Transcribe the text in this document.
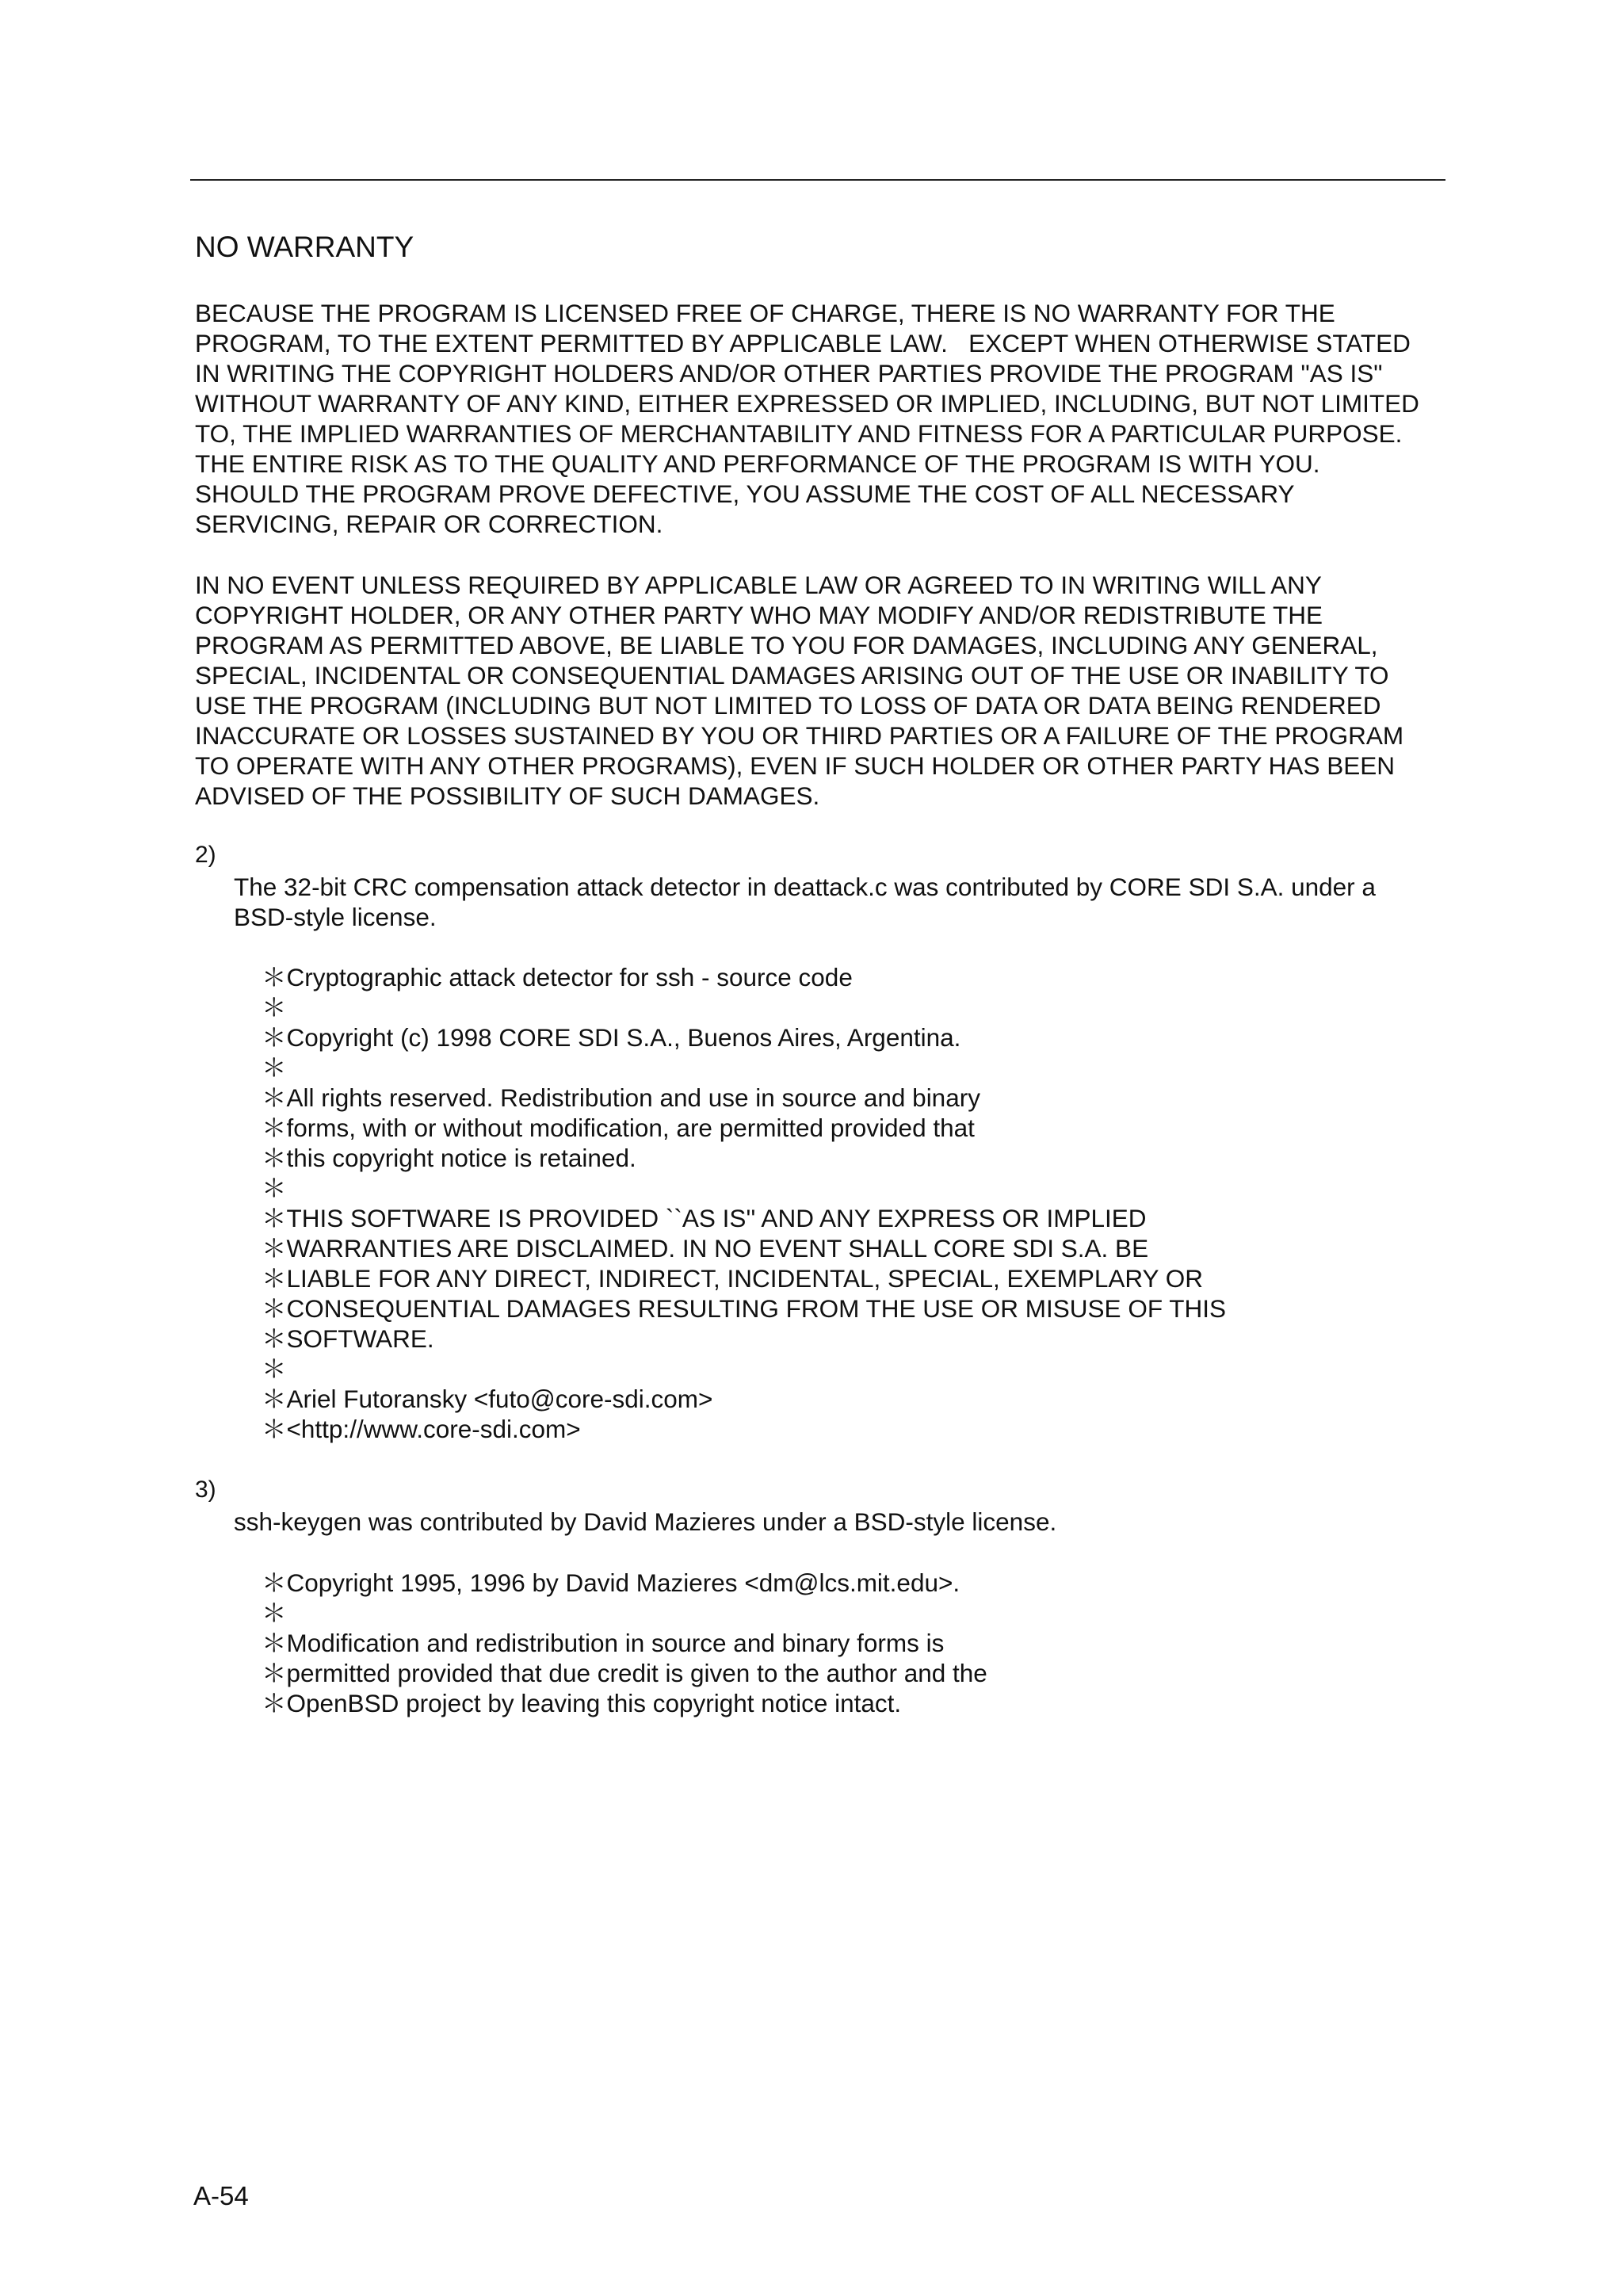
NO WARRANTY
BECAUSE THE PROGRAM IS LICENSED FREE OF CHARGE, THERE IS NO WARRANTY FOR THE
PROGRAM, TO THE EXTENT PERMITTED BY APPLICABLE LAW.   EXCEPT WHEN OTHERWISE STATED
IN WRITING THE COPYRIGHT HOLDERS AND/OR OTHER PARTIES PROVIDE THE PROGRAM "AS IS"
WITHOUT WARRANTY OF ANY KIND, EITHER EXPRESSED OR IMPLIED, INCLUDING, BUT NOT LIMITED
TO, THE IMPLIED WARRANTIES OF MERCHANTABILITY AND FITNESS FOR A PARTICULAR PURPOSE.
THE ENTIRE RISK AS TO THE QUALITY AND PERFORMANCE OF THE PROGRAM IS WITH YOU.
SHOULD THE PROGRAM PROVE DEFECTIVE, YOU ASSUME THE COST OF ALL NECESSARY
SERVICING, REPAIR OR CORRECTION.
IN NO EVENT UNLESS REQUIRED BY APPLICABLE LAW OR AGREED TO IN WRITING WILL ANY
COPYRIGHT HOLDER, OR ANY OTHER PARTY WHO MAY MODIFY AND/OR REDISTRIBUTE THE
PROGRAM AS PERMITTED ABOVE, BE LIABLE TO YOU FOR DAMAGES, INCLUDING ANY GENERAL,
SPECIAL, INCIDENTAL OR CONSEQUENTIAL DAMAGES ARISING OUT OF THE USE OR INABILITY TO
USE THE PROGRAM (INCLUDING BUT NOT LIMITED TO LOSS OF DATA OR DATA BEING RENDERED
INACCURATE OR LOSSES SUSTAINED BY YOU OR THIRD PARTIES OR A FAILURE OF THE PROGRAM
TO OPERATE WITH ANY OTHER PROGRAMS), EVEN IF SUCH HOLDER OR OTHER PARTY HAS BEEN
ADVISED OF THE POSSIBILITY OF SUCH DAMAGES.
2)
The 32-bit CRC compensation attack detector in deattack.c was contributed by CORE SDI S.A. under a
BSD-style license.
＊Cryptographic attack detector for ssh - source code
＊
＊Copyright (c) 1998 CORE SDI S.A., Buenos Aires, Argentina.
＊
＊All rights reserved. Redistribution and use in source and binary
＊forms, with or without modification, are permitted provided that
＊this copyright notice is retained.
＊
＊THIS SOFTWARE IS PROVIDED ``AS IS'' AND ANY EXPRESS OR IMPLIED
＊WARRANTIES ARE DISCLAIMED. IN NO EVENT SHALL CORE SDI S.A. BE
＊LIABLE FOR ANY DIRECT, INDIRECT, INCIDENTAL, SPECIAL, EXEMPLARY OR
＊CONSEQUENTIAL DAMAGES RESULTING FROM THE USE OR MISUSE OF THIS
＊SOFTWARE.
＊
＊Ariel Futoransky <futo@core-sdi.com>
＊<http://www.core-sdi.com>
3)
ssh-keygen was contributed by David Mazieres under a BSD-style license.
＊Copyright 1995, 1996 by David Mazieres <dm@lcs.mit.edu>.
＊
＊Modification and redistribution in source and binary forms is
＊permitted provided that due credit is given to the author and the
＊OpenBSD project by leaving this copyright notice intact.
A-54
